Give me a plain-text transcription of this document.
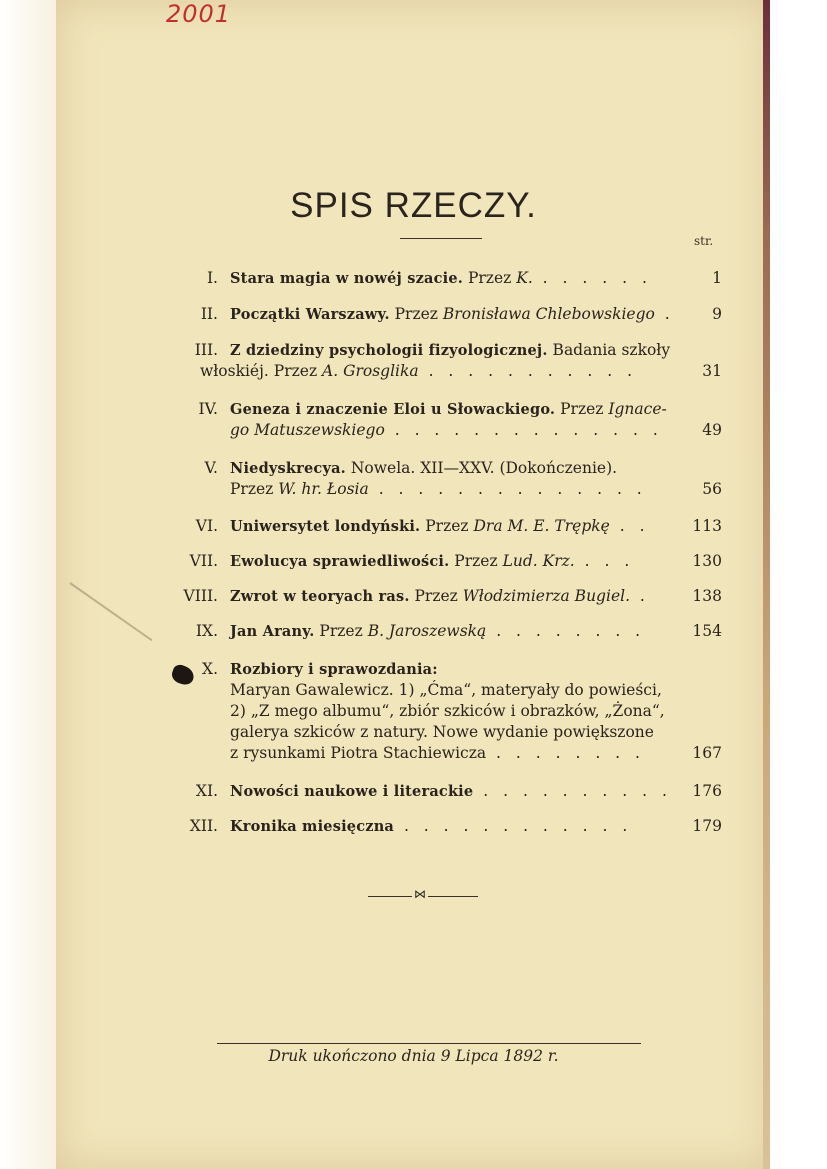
2001
SPIS RZECZY.
str.
I. Stara magia w nowéj szacie. Przez K. . . . . . .	1
II. Początki Warszawy. Przez Bronisława Chlebowskiego .	9
III. Z dziedziny psychologii fizyologicznej. Badania szkoły
włoskiéj. Przez A. Grosglika . . . . . . . . . . .	31
IV. Geneza i znaczenie Eloi u Słowackiego. Przez Ignace-
go Matuszewskiego . . . . . . . . . . . . . .	49
V. Niedyskrecya. Nowela. XII—XXV. (Dokończenie).
Przez W. hr. Łosia . . . . . . . . . . . . . .	56
VI. Uniwersytet londyński. Przez Dra M. E. Trępkę . .	113
VII. Ewolucya sprawiedliwości. Przez Lud. Krz. . . .	130
VIII. Zwrot w teoryach ras. Przez Włodzimierza Bugiel. .	138
IX. Jan Arany. Przez B. Jaroszewską . . . . . . . .	154
X. Rozbiory i sprawozdania:
Maryan Gawalewicz. 1) „Ćma“, materyały do powieści,
2) „Z mego albumu“, zbiór szkiców i obrazków, „Żona“,
galerya szkiców z natury. Nowe wydanie powiększone
z rysunkami Piotra Stachiewicza . . . . . . . .	167
XI. Nowości naukowe i literackie . . . . . . . . . .	176
XII. Kronika miesięczna . . . . . . . . . . . .	179
⋈
Druk ukończono dnia 9 Lipca 1892 r.
